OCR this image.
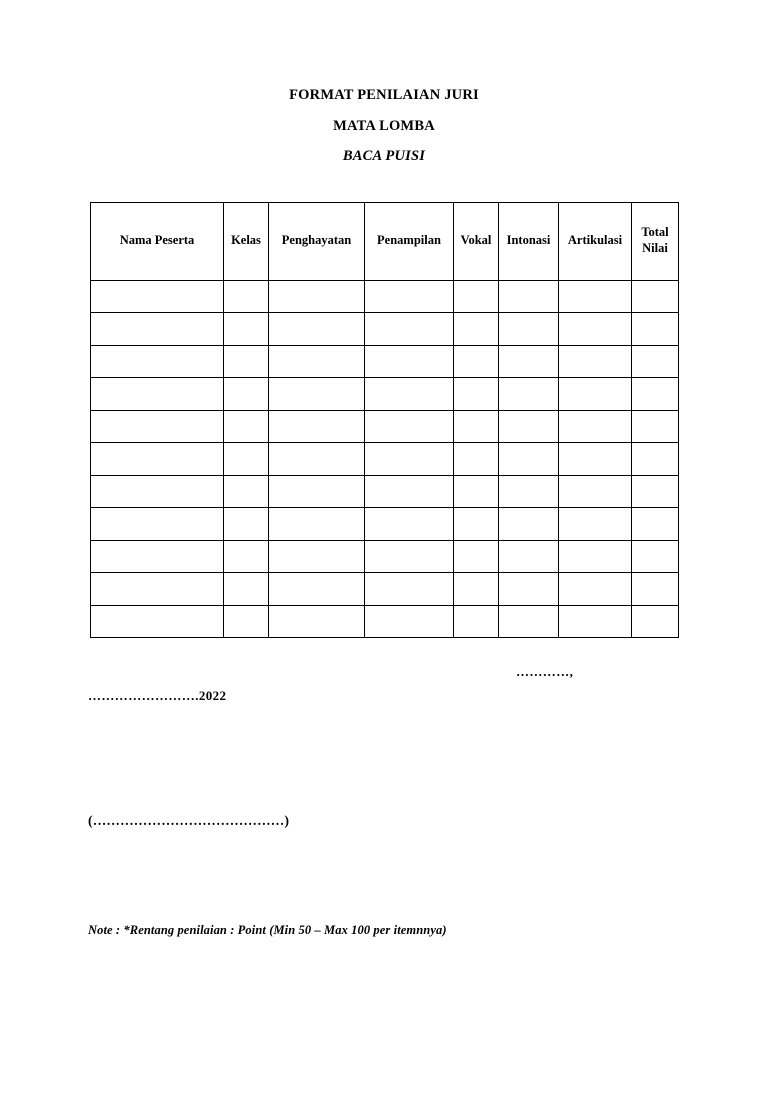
FORMAT PENILAIAN JURI
MATA LOMBA
BACA PUISI
Nama Peserta	Kelas	Penghayatan	Penampilan	Vokal	Intonasi	Artikulasi	Total Nilai

…………,
…………………….2022
(……………………………………)
Note : *Rentang penilaian : Point (Min 50 – Max 100 per itemnnya)
